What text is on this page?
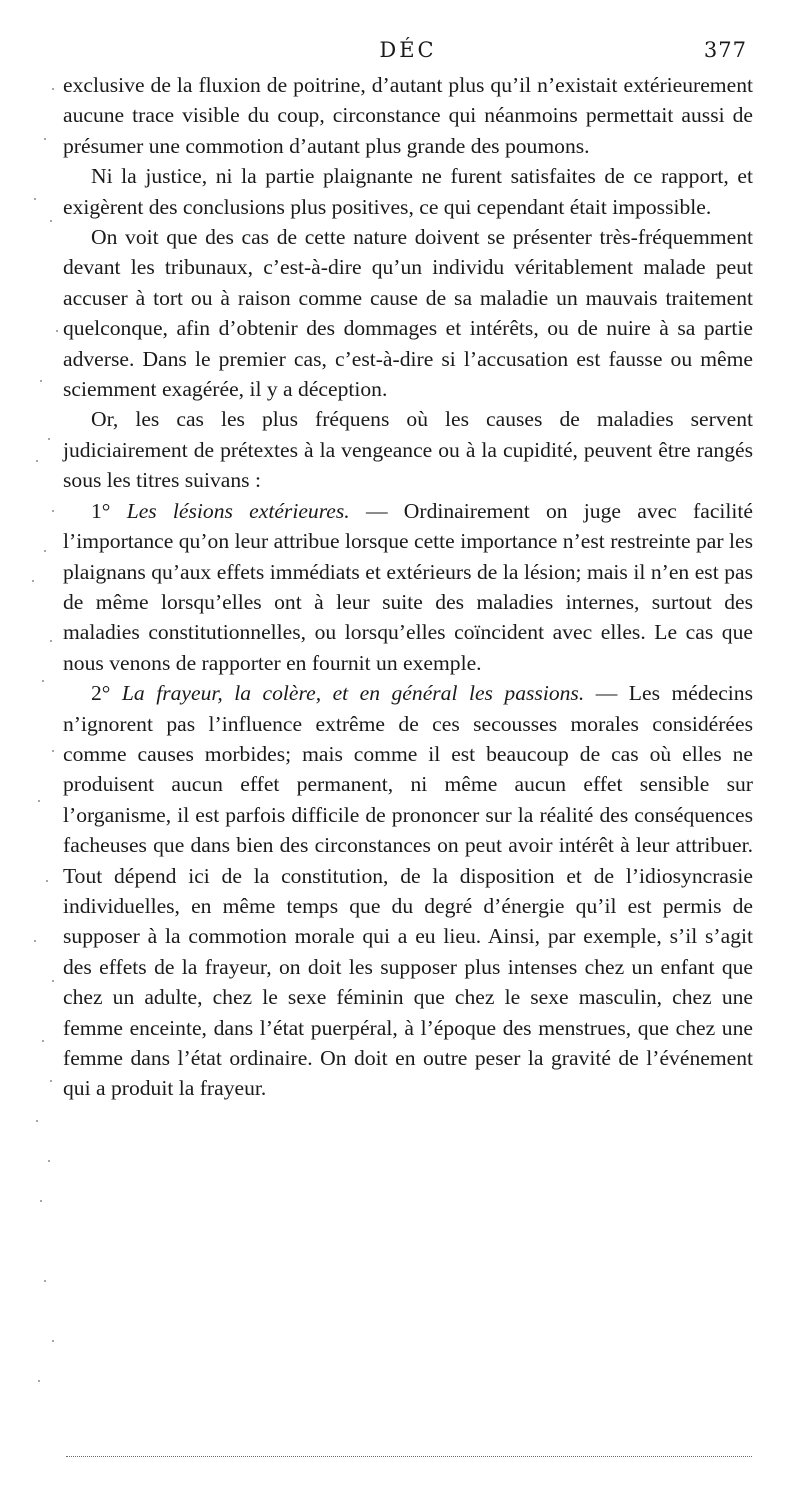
DÉC	377

exclusive de la fluxion de poitrine, d’autant plus qu’il n’existait extérieurement aucune trace visible du coup, circonstance qui néanmoins permettait aussi de présumer une commotion d’autant plus grande des poumons.

Ni la justice, ni la partie plaignante ne furent satisfaites de ce rapport, et exigèrent des conclusions plus positives, ce qui cependant était impossible.

On voit que des cas de cette nature doivent se présenter très-fréquemment devant les tribunaux, c’est-à-dire qu’un individu véritablement malade peut accuser à tort ou à raison comme cause de sa maladie un mauvais traitement quelconque, afin d’obtenir des dommages et intérêts, ou de nuire à sa partie adverse. Dans le premier cas, c’est-à-dire si l’accusation est fausse ou même sciemment exagérée, il y a déception.

Or, les cas les plus fréquens où les causes de maladies servent judiciairement de prétextes à la vengeance ou à la cupidité, peuvent être rangés sous les titres suivans :

1° Les lésions extérieures. — Ordinairement on juge avec facilité l’importance qu’on leur attribue lorsque cette importance n’est restreinte par les plaignans qu’aux effets immédiats et extérieurs de la lésion; mais il n’en est pas de même lorsqu’elles ont à leur suite des maladies internes, surtout des maladies constitutionnelles, ou lorsqu’elles coïncident avec elles. Le cas que nous venons de rapporter en fournit un exemple.

2° La frayeur, la colère, et en général les passions. — Les médecins n’ignorent pas l’influence extrême de ces secousses morales considérées comme causes morbides; mais comme il est beaucoup de cas où elles ne produisent aucun effet permanent, ni même aucun effet sensible sur l’organisme, il est parfois difficile de prononcer sur la réalité des conséquences facheuses que dans bien des circonstances on peut avoir intérêt à leur attribuer. Tout dépend ici de la constitution, de la disposition et de l’idiosyncrasie individuelles, en même temps que du degré d’énergie qu’il est permis de supposer à la commotion morale qui a eu lieu. Ainsi, par exemple, s’il s’agit des effets de la frayeur, on doit les supposer plus intenses chez un enfant que chez un adulte, chez le sexe féminin que chez le sexe masculin, chez une femme enceinte, dans l’état puerpéral, à l’époque des menstrues, que chez une femme dans l’état ordinaire. On doit en outre peser la gravité de l’événement qui a produit la frayeur.
